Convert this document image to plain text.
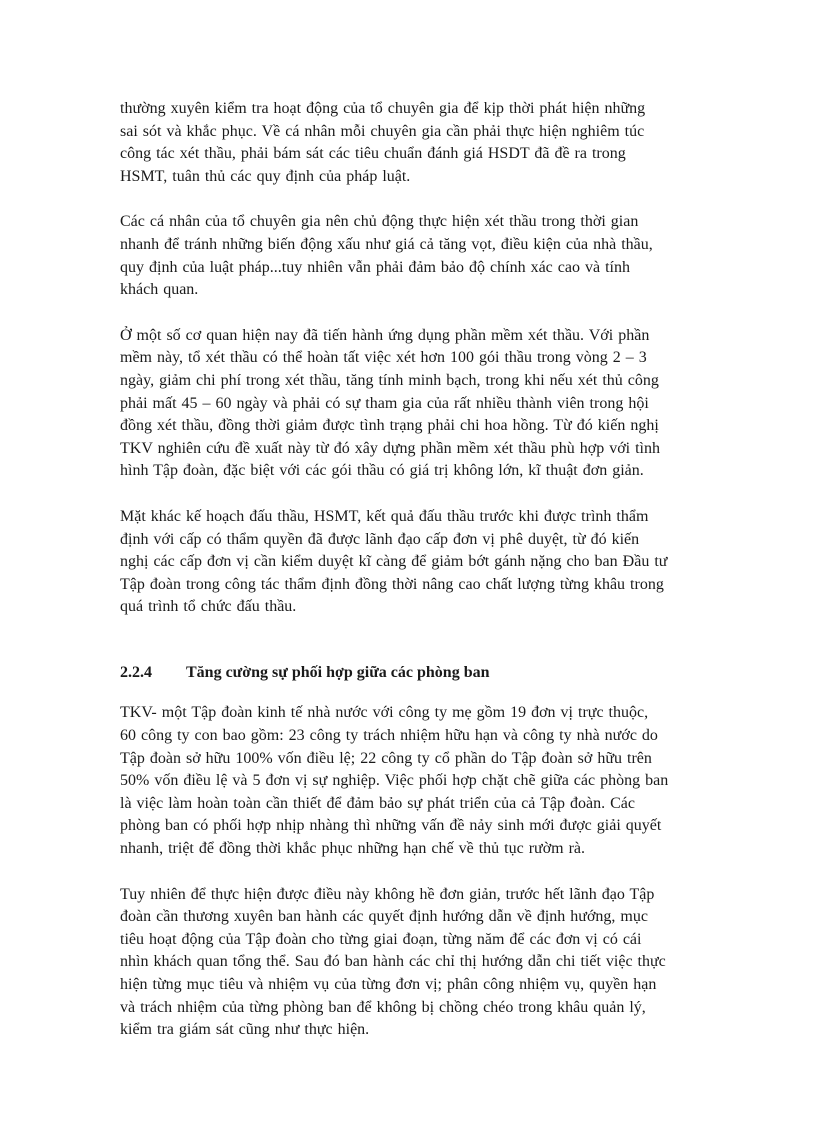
thường xuyên kiểm tra hoạt động của tổ chuyên gia để kịp thời phát hiện những
sai sót và khắc phục. Về cá nhân mỗi chuyên gia cần phải thực hiện nghiêm túc
công tác xét thầu, phải bám sát các tiêu chuẩn đánh giá HSDT đã đề ra trong
HSMT, tuân thủ các quy định của pháp luật.

Các cá nhân của tổ chuyên gia nên chủ động thực hiện xét thầu trong thời gian
nhanh để tránh những biến động xấu như giá cả tăng vọt, điều kiện của nhà thầu,
quy định của luật pháp...tuy nhiên vẫn phải đảm bảo độ chính xác cao và tính
khách quan.

Ở một số cơ quan hiện nay đã tiến hành ứng dụng phần mềm xét thầu. Với phần
mềm này, tổ xét thầu có thể hoàn tất việc xét hơn 100 gói thầu trong vòng 2 – 3
ngày, giảm chi phí trong xét thầu, tăng tính minh bạch, trong khi nếu xét thủ công
phải mất 45 – 60 ngày và phải có sự tham gia của rất nhiều thành viên trong hội
đồng xét thầu, đồng thời giảm được tình trạng phải chi hoa hồng. Từ đó kiến nghị
TKV nghiên cứu đề xuất này từ đó xây dựng phần mềm xét thầu phù hợp với tình
hình Tập đoàn, đặc biệt với các gói thầu có giá trị không lớn, kĩ thuật đơn giản.

Mặt khác kế hoạch đấu thầu, HSMT, kết quả đấu thầu trước khi được trình thẩm
định với cấp có thẩm quyền đã được lãnh đạo cấp đơn vị phê duyệt, từ đó kiến
nghị các cấp đơn vị cần kiểm duyệt kĩ càng để giảm bớt gánh nặng cho ban Đầu tư
Tập đoàn trong công tác thẩm định đồng thời nâng cao chất lượng từng khâu trong
quá trình tổ chức đấu thầu.

2.2.4	Tăng cường sự phối hợp giữa các phòng ban

TKV- một Tập đoàn kinh tế nhà nước với công ty mẹ gồm 19 đơn vị trực thuộc,
60 công ty con bao gồm: 23 công ty trách nhiệm hữu hạn và công ty nhà nước do
Tập đoàn sở hữu 100% vốn điều lệ; 22 công ty cổ phần do Tập đoàn sở hữu trên
50% vốn điều lệ và 5 đơn vị sự nghiệp. Việc phối hợp chặt chẽ giữa các phòng ban
là việc làm hoàn toàn cần thiết để đảm bảo sự phát triển của cả Tập đoàn. Các
phòng ban có phối hợp nhịp nhàng thì những vấn đề nảy sinh mới được giải quyết
nhanh, triệt để đồng thời khắc phục những hạn chế về thủ tục rườm rà.

Tuy nhiên để thực hiện được điều này không hề đơn giản, trước hết lãnh đạo Tập
đoàn cần thương xuyên ban hành các quyết định hướng dẫn về định hướng, mục
tiêu hoạt động của Tập đoàn cho từng giai đoạn, từng năm để các đơn vị có cái
nhìn khách quan tổng thể. Sau đó ban hành các chỉ thị hướng dẫn chi tiết việc thực
hiện từng mục tiêu và nhiệm vụ của từng đơn vị; phân công nhiệm vụ, quyền hạn
và trách nhiệm của từng phòng ban để không bị chồng chéo trong khâu quản lý,
kiểm tra giám sát cũng như thực hiện.
